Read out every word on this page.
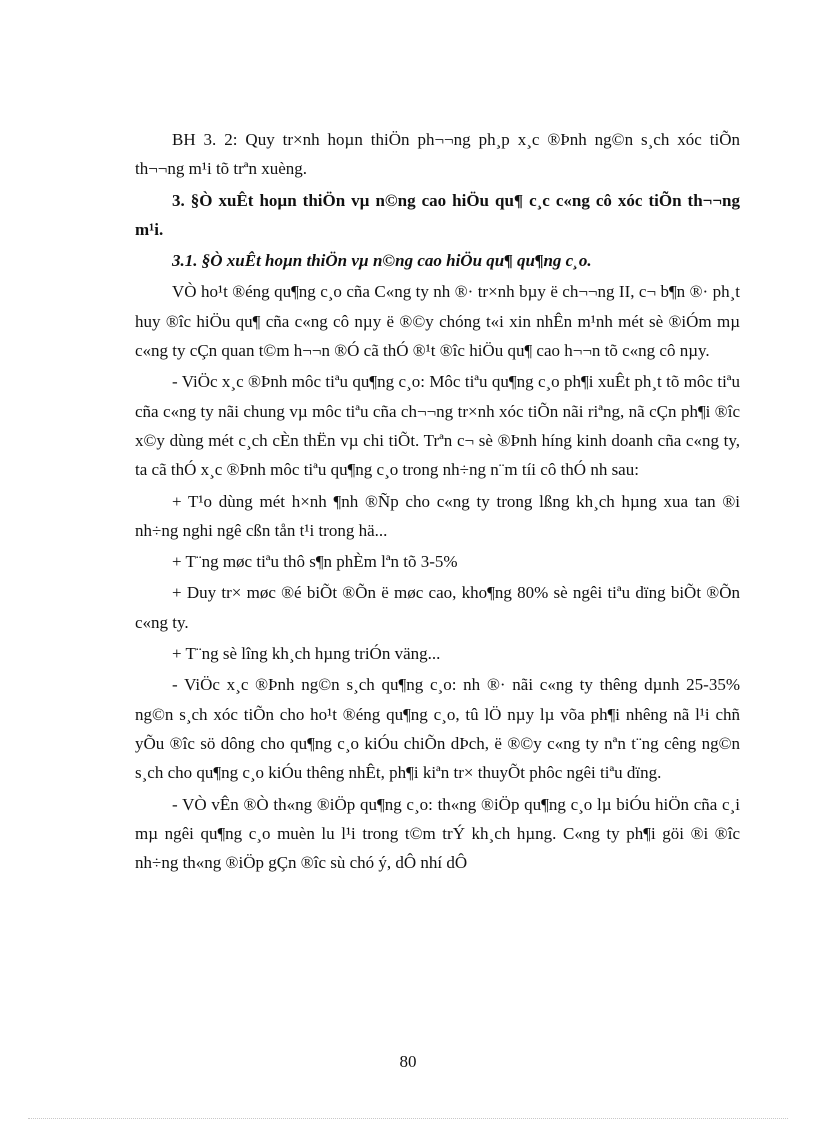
BH 3. 2: Quy tr×nh hoµn thiÖn ph¬¬ng ph¸p x¸c ®Þnh ng©n s¸ch xóc tiÕn th¬¬ng m¹i tõ trªn xuèng.

3. §Ò xuÊt hoµn thiÖn vµ n©ng cao hiÖu qu¶ c¸c c«ng cô xóc tiÕn th¬¬ng m¹i.

3.1. §Ò xuÊt hoµn thiÖn vµ n©ng cao hiÖu qu¶ qu¶ng c¸o.

VÒ ho¹t ®éng qu¶ng c¸o cña C«ng ty nh ®· tr×nh bµy ë ch¬¬ng II, c¬ b¶n ®· ph¸t huy ®îc hiÖu qu¶ cña c«ng cô nµy ë ®©y chóng t«i xin nhÊn m¹nh mét sè ®iÓm mµ c«ng ty cÇn quan t©m h¬¬n ®Ó cã thÓ ®¹t ®îc hiÖu qu¶ cao h¬¬n tõ c«ng cô nµy.

- ViÖc x¸c ®Þnh môc tiªu qu¶ng c¸o: Môc tiªu qu¶ng c¸o ph¶i xuÊt ph¸t tõ môc tiªu cña c«ng ty nãi chung vµ môc tiªu cña ch¬¬ng tr×nh xóc tiÕn nãi riªng, nã cÇn ph¶i ®îc x©y dùng mét c¸ch cÈn thËn vµ chi tiÕt. Trªn c¬ sè ®Þnh híng kinh doanh cña c«ng ty, ta cã thÓ x¸c ®Þnh môc tiªu qu¶ng c¸o trong nh÷ng n¨m tíi cô thÓ nh sau:

+ T¹o dùng mét h×nh ¶nh ®Ñp cho c«ng ty trong lßng kh¸ch hµng xua tan ®i nh÷ng nghi ngê cßn tån t¹i trong hä...

+ T¨ng møc tiªu thô s¶n phÈm lªn tõ 3-5%

+ Duy tr× møc ®é biÕt ®Õn ë møc cao, kho¶ng 80% sè ngêi tiªu dïng biÕt ®Õn c«ng ty.

+ T¨ng sè lîng kh¸ch hµng triÓn väng...

- ViÖc x¸c ®Þnh ng©n s¸ch qu¶ng c¸o: nh ®· nãi c«ng ty thêng dµnh 25-35% ng©n s¸ch xóc tiÕn cho ho¹t ®éng qu¶ng c¸o, tû lÖ nµy lµ võa ph¶i nhêng nã l¹i chñ yÕu ®îc sö dông cho qu¶ng c¸o kiÓu chiÕn dÞch, ë ®©y c«ng ty nªn t¨ng cêng ng©n s¸ch cho qu¶ng c¸o kiÓu thêng nhÊt, ph¶i kiªn tr× thuyÕt phôc ngêi tiªu dïng.

- VÒ vÊn ®Ò th«ng ®iÖp qu¶ng c¸o: th«ng ®iÖp qu¶ng c¸o lµ biÓu hiÖn cña c¸i mµ ngêi qu¶ng c¸o muèn lu l¹i trong t©m trÝ kh¸ch hµng. C«ng ty ph¶i göi ®i ®îc nh÷ng th«ng ®iÖp gÇn ®îc sù chó ý, dÔ nhí dÔ

80
